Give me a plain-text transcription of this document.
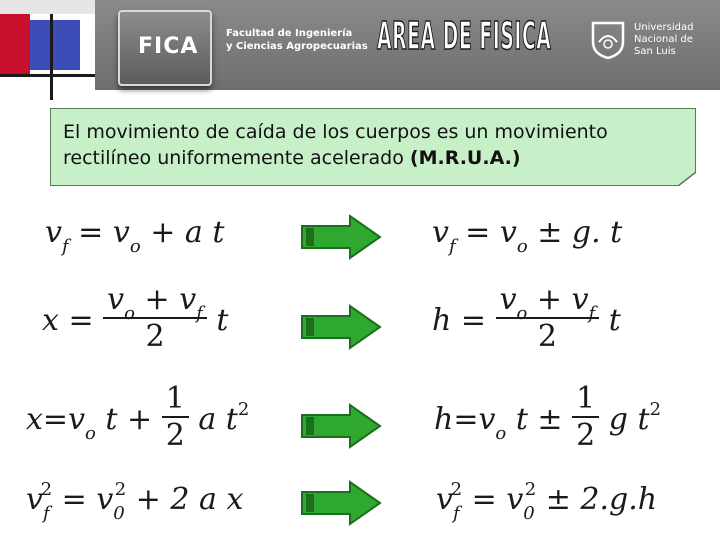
FICA
Facultad de Ingeniería
y Ciencias Agropecuarias AREA DE FISICA	Universidad
Nacional de
San Luis
El movimiento de caída de los cuerpos es un movimiento rectilíneo uniformemente acelerado (M.R.U.A.)
$v_f = v_o + a$ t	$v_f = v_o \pm g$. t
$x = \frac{v_o + v_f}{2}$ t	$h = \frac{v_o + v_f}{2}$ t
$x=v_o$ $t + \frac{1}{2}$ a $t^2$	$h=v_o$ $t \pm \frac{1}{2}$ g $t^2$
$v_f^2 = v_0^2 + 2$ a x	$v_f^2 = v_0^2 \pm 2.g.h$
